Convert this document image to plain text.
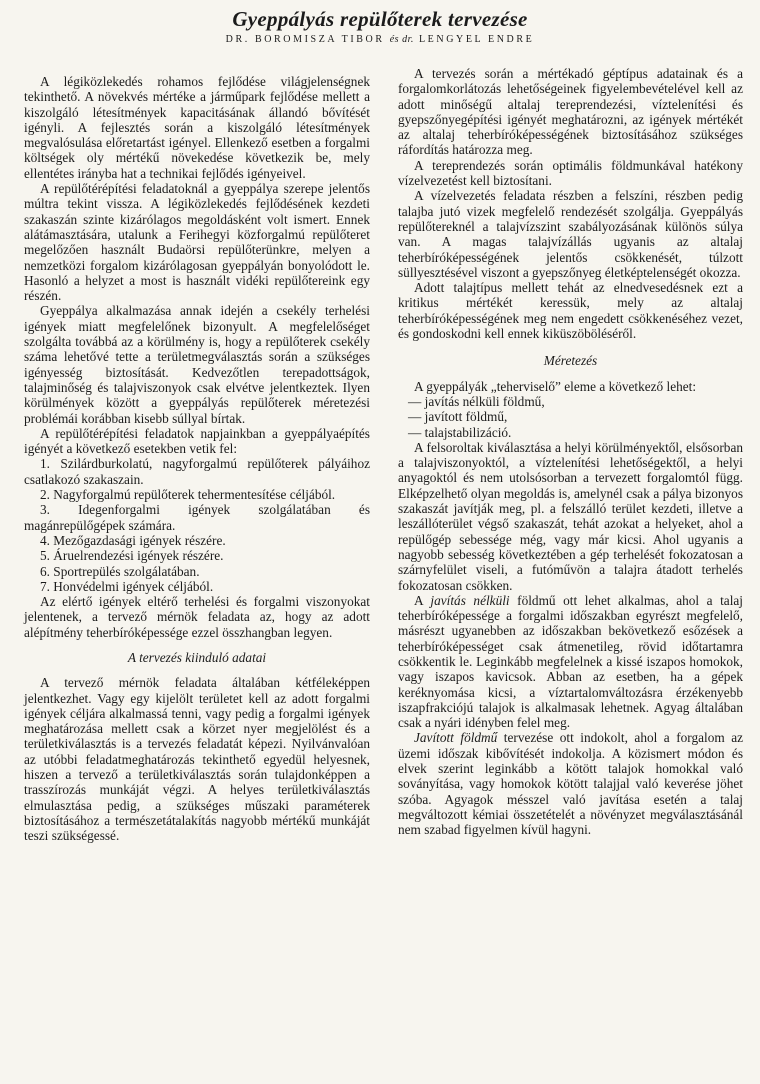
Gyeppályás repülőterek tervezése
DR. BOROMISZA TIBOR és dr. LENGYEL ENDRE

A légiközlekedés rohamos fejlődése világjelenségnek tekinthető. A növekvés mértéke a járműpark fejlődése mellett a kiszolgáló létesítmények kapacitásának állandó bővítését igényli. A fejlesztés során a kiszolgáló létesítmények megvalósulása előretartást igényel. Ellenkező esetben a forgalmi költségek oly mértékű növekedése következik be, mely ellentétes irányba hat a technikai fejlődés igényeivel.

A repülőtérépítési feladatoknál a gyeppálya szerepe jelentős múltra tekint vissza. A légiközlekedés fejlődésének kezdeti szakaszán szinte kizárólagos megoldásként volt ismert. Ennek alátámasztására, utalunk a Ferihegyi közforgalmú repülőteret megelőzően használt Budaörsi repülőterünkre, melyen a nemzetközi forgalom kizárólagosan gyeppályán bonyolódott le. Hasonló a helyzet a most is használt vidéki repülőtereink egy részén.

Gyeppálya alkalmazása annak idején a csekély terhelési igények miatt megfelelőnek bizonyult. A megfelelőséget szolgálta továbbá az a körülmény is, hogy a repülőterek csekély száma lehetővé tette a területmegválasztás során a szükséges igényesség biztosítását. Kedvezőtlen terepadottságok, talajminőség és talajviszonyok csak elvétve jelentkeztek. Ilyen körülmények között a gyeppályás repülőterek méretezési problémái korábban kisebb súllyal bírtak.

A repülőtérépítési feladatok napjainkban a gyeppályaépítés igényét a következő esetekben vetik fel:

1. Szilárdburkolatú, nagyforgalmú repülőterek pályáihoz csatlakozó szakaszain.

2. Nagyforgalmú repülőterek tehermentesítése céljából.

3. Idegenforgalmi igények szolgálatában és magánrepülőgépek számára.

4. Mezőgazdasági igények részére.

5. Áruelrendezési igények részére.

6. Sportrepülés szolgálatában.

7. Honvédelmi igények céljából.

Az elértő igények eltérő terhelési és forgalmi viszonyokat jelentenek, a tervező mérnök feladata az, hogy az adott alépítmény teherbíróképessége ezzel összhangban legyen.

A tervezés kiinduló adatai

A tervező mérnök feladata általában kétféleképpen jelentkezhet. Vagy egy kijelölt területet kell az adott forgalmi igények céljára alkalmassá tenni, vagy pedig a forgalmi igények meghatározása mellett csak a körzet nyer megjelölést és a területkiválasztás is a tervezés feladatát képezi. Nyilvánvalóan az utóbbi feladatmeghatározás tekinthető egyedül helyesnek, hiszen a tervező a területkiválasztás során tulajdonképpen a trasszírozás munkáját végzi. A helyes területkiválasztás elmulasztása pedig, a szükséges műszaki paraméterek biztosításához a természetátalakítás nagyobb mértékű munkáját teszi szükségessé.

A tervezés során a mértékadó géptípus adatainak és a forgalomkorlátozás lehetőségeinek figyelembevételével kell az adott minőségű altalaj tereprendezési, víztelenítési és gyepszőnyegépítési igényét meghatározni, az igények mértékét az altalaj teherbíróképességének biztosításához szükséges ráfordítás határozza meg.

A tereprendezés során optimális földmunkával hatékony vízelvezetést kell biztosítani.

A vízelvezetés feladata részben a felszíni, részben pedig talajba jutó vizek megfelelő rendezését szolgálja. Gyeppályás repülőtereknél a talajvízszint szabályozásának különös súlya van. A magas talajvízállás ugyanis az altalaj teherbíróképességének jelentős csökkenését, túlzott süllyesztésével viszont a gyepszőnyeg életképtelenségét okozza.

Adott talajtípus mellett tehát az elnedvesedésnek ezt a kritikus mértékét keressük, mely az altalaj teherbíróképességének meg nem engedett csökkenéséhez vezet, és gondoskodni kell ennek kiküszöböléséről.

Méretezés

A gyeppályák „teherviselő” eleme a következő lehet:

— javítás nélküli földmű,

— javított földmű,

— talajstabilizáció.

A felsoroltak kiválasztása a helyi körülményektől, elsősorban a talajviszonyoktól, a víztelenítési lehetőségektől, a helyi anyagoktól és nem utolsósorban a tervezett forgalomtól függ. Elképzelhető olyan megoldás is, amelynél csak a pálya bizonyos szakaszát javítják meg, pl. a felszálló terület kezdeti, illetve a leszállóterület végső szakaszát, tehát azokat a helyeket, ahol a repülőgép sebessége még, vagy már kicsi. Ahol ugyanis a nagyobb sebesség következtében a gép terhelését fokozatosan a szárnyfelület viseli, a futóművön a talajra átadott terhelés fokozatosan csökken.

A javítás nélküli földmű ott lehet alkalmas, ahol a talaj teherbíróképessége a forgalmi időszakban egyrészt megfelelő, másrészt ugyanebben az időszakban bekövetkező esőzések a teherbíróképességet csak átmenetileg, rövid időtartamra csökkentik le. Leginkább megfelelnek a kissé iszapos homokok, vagy iszapos kavicsok. Abban az esetben, ha a gépek keréknyomása kicsi, a víztartalomváltozásra érzékenyebb iszapfrakciójú talajok is alkalmasak lehetnek. Agyag általában csak a nyári idényben felel meg.

Javított földmű tervezése ott indokolt, ahol a forgalom az üzemi időszak kibővítését indokolja. A közismert módon és elvek szerint leginkább a kötött talajok homokkal való soványítása, vagy homokok kötött talajjal való keverése jöhet szóba. Agyagok mésszel való javítása esetén a talaj megváltozott kémiai összetételét a növényzet megválasztásánál nem szabad figyelmen kívül hagyni.
